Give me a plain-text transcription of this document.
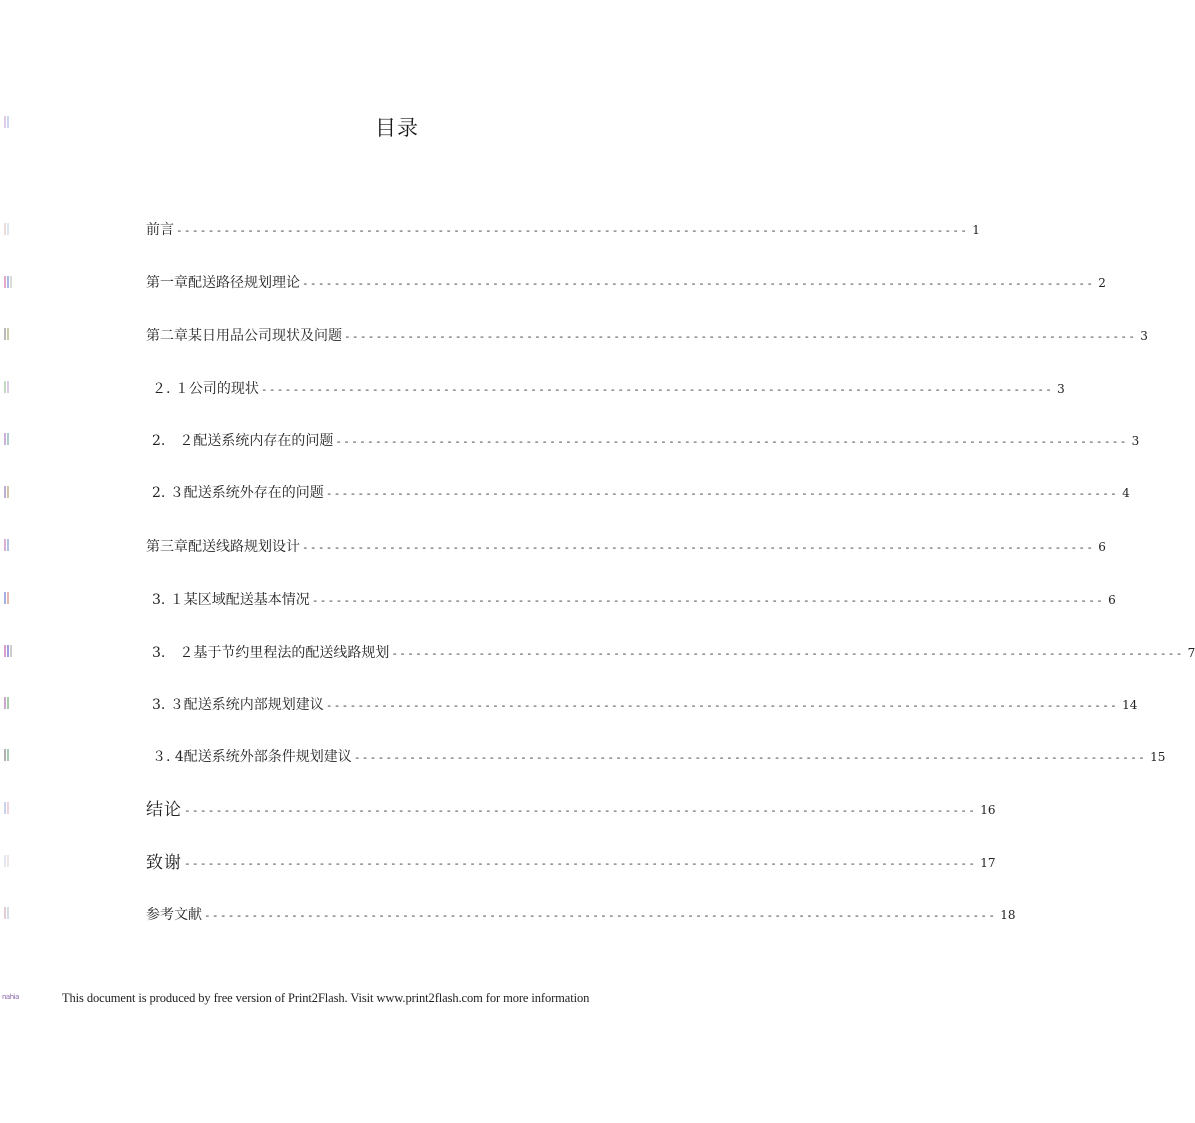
目录
前言 ---------------------------------------------------------------------------------------------------- 1
第一章配送路径规划理论 ---------------------------------------------------------------------------------------------------- 2
第二章某日用品公司现状及问题 ---------------------------------------------------------------------------------------------------- 3
２. １公司的现状 ---------------------------------------------------------------------------------------------------- 3
2.　２配送系统内存在的问题 ---------------------------------------------------------------------------------------------------- 3
2. ３配送系统外存在的问题 ---------------------------------------------------------------------------------------------------- 4
第三章配送线路规划设计 ---------------------------------------------------------------------------------------------------- 6
3. １某区域配送基本情况 ---------------------------------------------------------------------------------------------------- 6
3.　２基于节约里程法的配送线路规划 ---------------------------------------------------------------------------------------------------- 7
3. ３配送系统内部规划建议 ---------------------------------------------------------------------------------------------------- 14
３. 4配送系统外部条件规划建议 ---------------------------------------------------------------------------------------------------- 15
结论 ---------------------------------------------------------------------------------------------------- 16
致谢 ---------------------------------------------------------------------------------------------------- 17
参考文献 ---------------------------------------------------------------------------------------------------- 18
nahia	This document is produced by free version of Print2Flash. Visit www.print2flash.com for more information
